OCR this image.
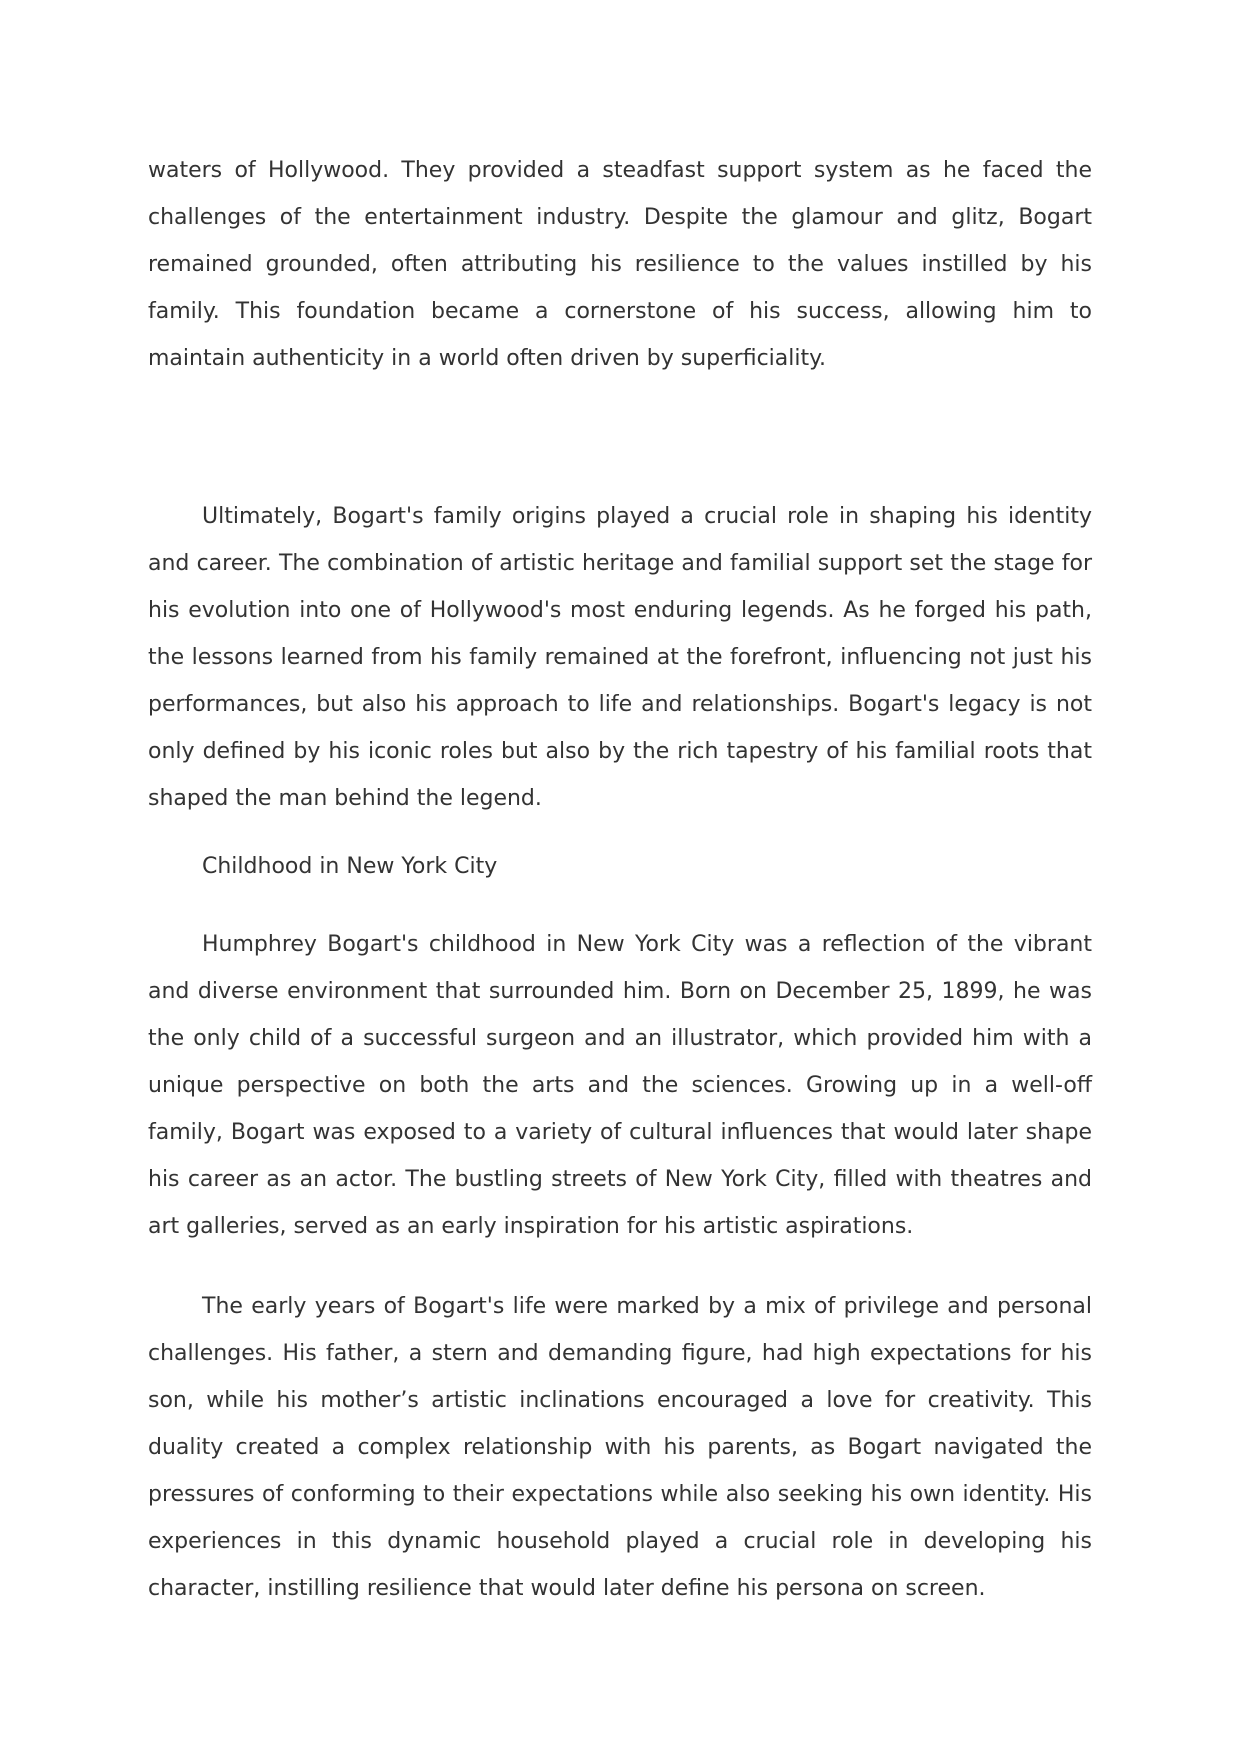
waters of Hollywood. They provided a steadfast support system as he faced the challenges of the entertainment industry. Despite the glamour and glitz, Bogart remained grounded, often attributing his resilience to the values instilled by his family. This foundation became a cornerstone of his success, allowing him to maintain authenticity in a world often driven by superficiality.

Ultimately, Bogart's family origins played a crucial role in shaping his identity and career. The combination of artistic heritage and familial support set the stage for his evolution into one of Hollywood's most enduring legends. As he forged his path, the lessons learned from his family remained at the forefront, influencing not just his performances, but also his approach to life and relationships. Bogart's legacy is not only defined by his iconic roles but also by the rich tapestry of his familial roots that shaped the man behind the legend.

Childhood in New York City

Humphrey Bogart's childhood in New York City was a reflection of the vibrant and diverse environment that surrounded him. Born on December 25, 1899, he was the only child of a successful surgeon and an illustrator, which provided him with a unique perspective on both the arts and the sciences. Growing up in a well-off family, Bogart was exposed to a variety of cultural influences that would later shape his career as an actor. The bustling streets of New York City, filled with theatres and art galleries, served as an early inspiration for his artistic aspirations.

The early years of Bogart's life were marked by a mix of privilege and personal challenges. His father, a stern and demanding figure, had high expectations for his son, while his mother’s artistic inclinations encouraged a love for creativity. This duality created a complex relationship with his parents, as Bogart navigated the pressures of conforming to their expectations while also seeking his own identity. His experiences in this dynamic household played a crucial role in developing his character, instilling resilience that would later define his persona on screen.
